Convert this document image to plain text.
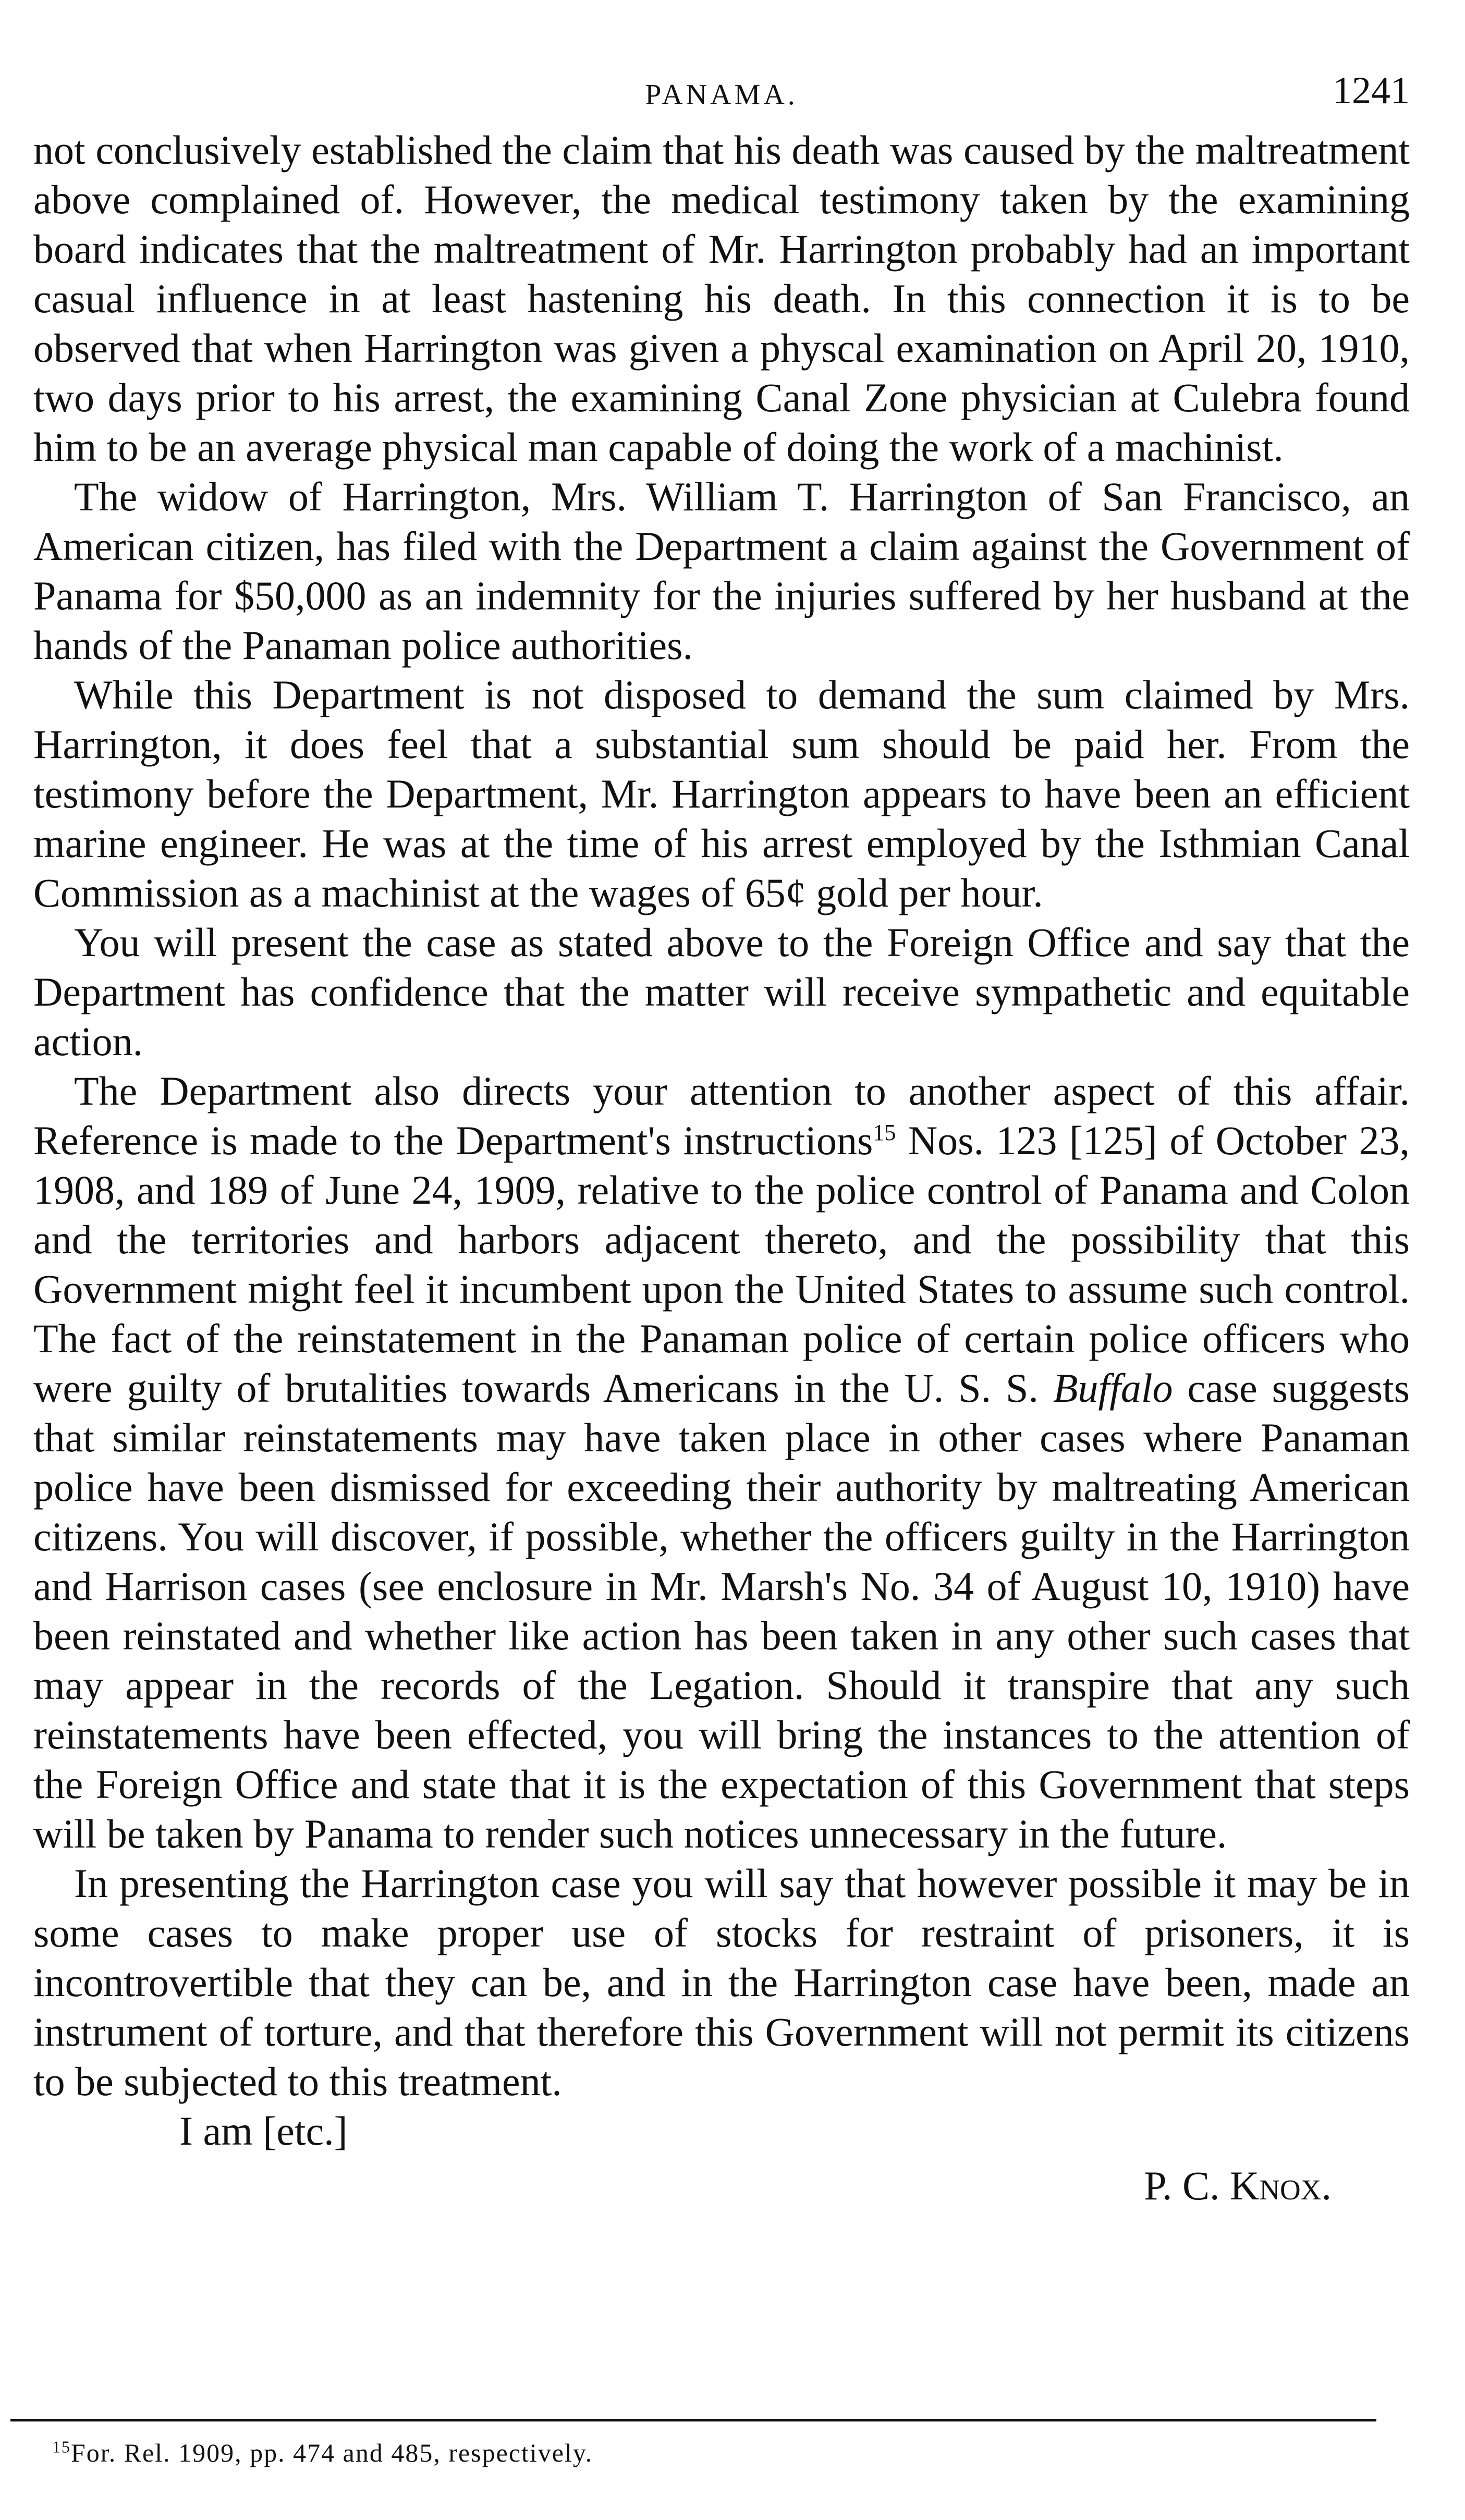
PANAMA.	1241

not conclusively established the claim that his death was caused by the maltreatment above complained of. However, the medical testimony taken by the examining board indicates that the maltreatment of Mr. Harrington probably had an important casual influence in at least hastening his death. In this connection it is to be observed that when Harrington was given a physcal examination on April 20, 1910, two days prior to his arrest, the examining Canal Zone physician at Culebra found him to be an average physical man capable of doing the work of a machinist.

The widow of Harrington, Mrs. William T. Harrington of San Francisco, an American citizen, has filed with the Department a claim against the Government of Panama for $50,000 as an indemnity for the injuries suffered by her husband at the hands of the Panaman police authorities.

While this Department is not disposed to demand the sum claimed by Mrs. Harrington, it does feel that a substantial sum should be paid her. From the testimony before the Department, Mr. Harrington appears to have been an efficient marine engineer. He was at the time of his arrest employed by the Isthmian Canal Commission as a machinist at the wages of 65¢ gold per hour.

You will present the case as stated above to the Foreign Office and say that the Department has confidence that the matter will receive sympathetic and equitable action.

The Department also directs your attention to another aspect of this affair. Reference is made to the Department's instructions$^{15}$ Nos. 123 [125] of October 23, 1908, and 189 of June 24, 1909, relative to the police control of Panama and Colon and the territories and harbors adjacent thereto, and the possibility that this Government might feel it incumbent upon the United States to assume such control. The fact of the reinstatement in the Panaman police of certain police officers who were guilty of brutalities towards Americans in the U. S. S. Buffalo case suggests that similar reinstatements may have taken place in other cases where Panaman police have been dismissed for exceeding their authority by maltreating American citizens. You will discover, if possible, whether the officers guilty in the Harrington and Harrison cases (see enclosure in Mr. Marsh's No. 34 of August 10, 1910) have been reinstated and whether like action has been taken in any other such cases that may appear in the records of the Legation. Should it transpire that any such reinstatements have been effected, you will bring the instances to the attention of the Foreign Office and state that it is the expectation of this Government that steps will be taken by Panama to render such notices unnecessary in the future.

In presenting the Harrington case you will say that however possible it may be in some cases to make proper use of stocks for restraint of prisoners, it is incontrovertible that they can be, and in the Harrington case have been, made an instrument of torture, and that therefore this Government will not permit its citizens to be subjected to this treatment.

I am [etc.]

P. C. Knox.
$^{15}$For. Rel. 1909, pp. 474 and 485, respectively.
